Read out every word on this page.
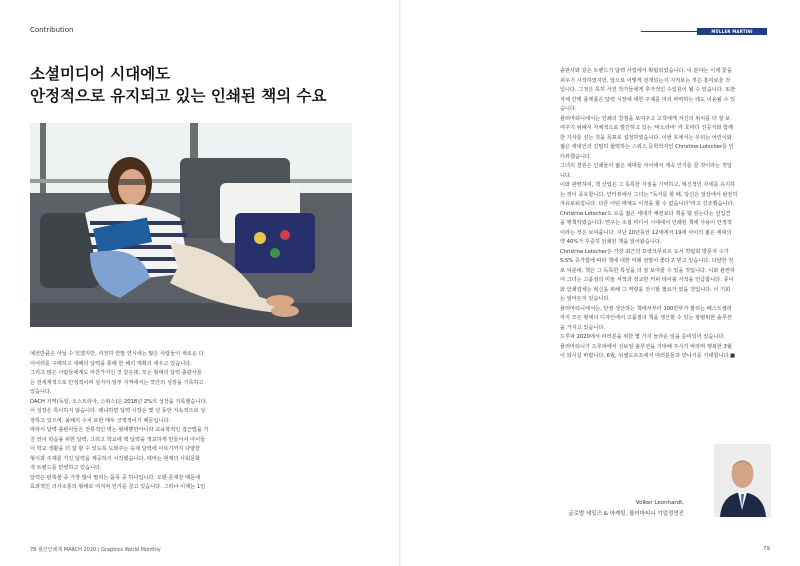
Contribution	MÜLLER MARTINI
소셜미디어 시대에도
안정적으로 유지되고 있는 인쇄된 책의 수요

예전만큼은 아닐 수 있겠지만, 여전히 연말 연시에는 많은 사람들이 새로운 다

이어리를 구매하고 새해의 달력을 통해 한 해의 계획의 세우고 있습니다.

그리고 많은 사람들에게도 마찬가지인 것 같은데, 모든 형태의 달력 출판사들

은 전세계적으로 안정적이며 심지어 일부 지역에서는 약간의 성장을 기록하고

있습니다.

DACH 지역(독일, 오스트리아, 스위스)은 2018년 2%의 성장을 기록했습니다.

이 성장은 특이하지 않습니다. 왜냐하면 달력 시장은 몇 년 동안 지속적으로 성

장하고 있으며, 올해의 수치 또한 매우 긍정적이기 때문입니다.

따라서 달력 출판사들은 전통적인 벽는 형태뿐만아니라 교육학적인 접근법을 가

진 언어 학습용 위한 달력, 그리고 학교에 맥 달력을 정교하게 만들어서 아이들

이 학교 생활을 더 잘 할 수 있도록 도와주는 숙제 달력에 이르기까지 다양한

형식과 주제를 가진 달력을 제공하기 시작했습니다. 테마는 현재의 사회문화

적 트렌드를 반영하고 있습니다.

달력은 판촉물 중 가장 많이 팔리는 품목 중 하나입니다. 오랜 존재감 때문에

효과적인 의사소통의 형태로 여겨져 인기를 끌고 있습니다. 그러나 이제는 1인

출판사와 같은 트렌드가 달력 사업에서 확립되었습니다. 이 분야는 이제 꽃을

피우기 시작하였지만, 앞으로 어떻게 전개되는지 지켜보는 것은 흥미로울 것

입니다. 그것은 특히 사진 작가들에게 추가적인 수입원이 될 수 있습니다. 또한

자체 간행 플랫폼은 달력 시장에 대한 주제를 미리 파악하는 데도 이용될 수 있

습니다.

뮬러마티니에서는 인쇄의 강점을 보여주고 고객에게 자신의 위치를 더 잘 보

여주기 위해서 자체적으로 발간하고 있는 '바노라마' 각 호마다 진공가와 함께

한 기사를 싣는 것을 목표로 설정하였습니다. 이번 호에서는 우리는 어린이와

젊은 세대인의 긴밀히 협력하는 스위스 문학학자인 Christine Lotscher를 인

터뷰했습니다.

그녀의 결론은 인쇄물이 젊은 세대들 사이에서 계속 인기를 끌 것이라는 것입

니다.

이와 관련하여, 책 산업은 그 독특한 자질을 기억하고, 혁신적인 자세를 유지하

는 것이 중요합니다. 인터뷰에서 그녀는 "독서를 할 때, 당신은 일상에서 완전히

자유로워집니다. 다른 어떤 매체도 이것을 할 수 없습니다"라고 강조했습니다.

Christine Lotscher도 요즘 젊은 세대가 예전보다 책을 덜 읽는다는 선입견

을 행책하였습니다. 연구는 소셜 미디어 시대에서 인쇄된 책에 사용이 안정적

이라는 것은 보여줍니다. 지난 20년동안 12세에서 19세 사이의 젊은 세대의

약 40%가 꾸준히 인쇄된 책을 읽어왔습니다.

Christine Lotscher은 가장 최근의 프랑크푸르트 도서 박람회 방문자 수가

5.5% 증가함에 따라 책에 대한 미래 전망이 좋다고 믿고 있습니다. 다양한 것

로 덕분에, 책은 그 독특한 특성을 더 잘 보여줄 수 있을 것입니다. 이와 관련하

여 그녀는 고품질의 미술 서적과 정교한 커피 테이블 서적을 언급합니다. 종이

와 인쇄업체는 혁신을 위해 그 역량을 전시할 필요가 있을 것입니다. 이 기회

는 엄마든지 있습니다.

뮬러마티니에서는, 단권 생산하는 책에서부터 100만부가 팔리는 베스트셀러

까지 모든 형태의 디자인에서 고품질의 책을 생산할 수 있는 광범위한 솔루션

을 가지고 있습니다.

드루파 2020에서 여러분을 위한 몇 가지 놀라운 일을 준비되어 있습니다.

뮬러마티니가 드루파에서 선보일 솔루션을 기대해 주시기 바라며 행복한 3월

이 되시길 바랍니다. 6월, 뒤셀도르프에서 여러분들과 만나기를 기대합니다.■

Volker Leonhardt,
글로벌 세일즈 & 마케팅, 뮬러마티니 기업경영진
78 월간인쇄계 MARCH 2020 | Graphics World Monthly	79
